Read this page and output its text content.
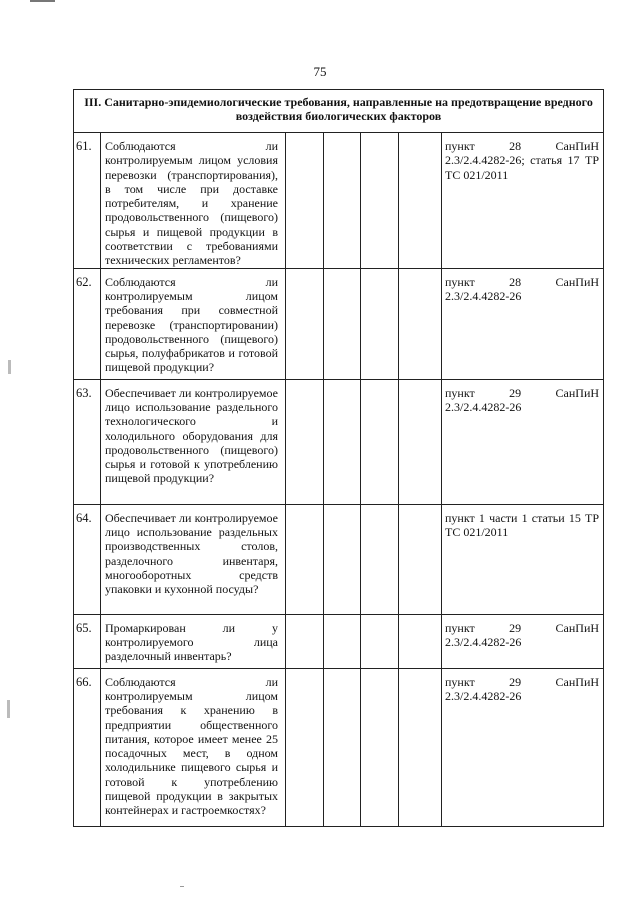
75
III. Санитарно-эпидемиологические требования, направленные на предотвращение вредного воздействия биологических факторов						
61.	Соблюдаются ли контролируемым лицом условия перевозки (транспортирования), в том числе при доставке потребителям, и хранение продовольственного (пищевого) сырья и пищевой продукции в соответствии с требованиями технических регламентов?					пункт 28 СанПиН 2.3/2.4.4282-26; статья 17 ТР ТС 021/2011
62.	Соблюдаются ли контролируемым лицом требования при совместной перевозке (транспортировании) продовольственного (пищевого) сырья, полуфабрикатов и готовой пищевой продукции?					пункт 28 СанПиН 2.3/2.4.4282-26
63.	Обеспечивает ли контролируемое лицо использование раздельного технологического и холодильного оборудования для продовольственного (пищевого) сырья и готовой к употреблению пищевой продукции?					пункт 29 СанПиН 2.3/2.4.4282-26
64.	Обеспечивает ли контролируемое лицо использование раздельных производственных столов, разделочного инвентаря, многооборотных средств упаковки и кухонной посуды?					пункт 1 части 1 статьи 15 ТР ТС 021/2011
65.	Промаркирован ли у контролируемого лица разделочный инвентарь?					пункт 29 СанПиН 2.3/2.4.4282-26
66.	Соблюдаются ли контролируемым лицом требования к хранению в предприятии общественного питания, которое имеет менее 25 посадочных мест, в одном холодильнике пищевого сырья и готовой к употреблению пищевой продукции в закрытых контейнерах и гастроемкостях?					пункт 29 СанПиН 2.3/2.4.4282-26
